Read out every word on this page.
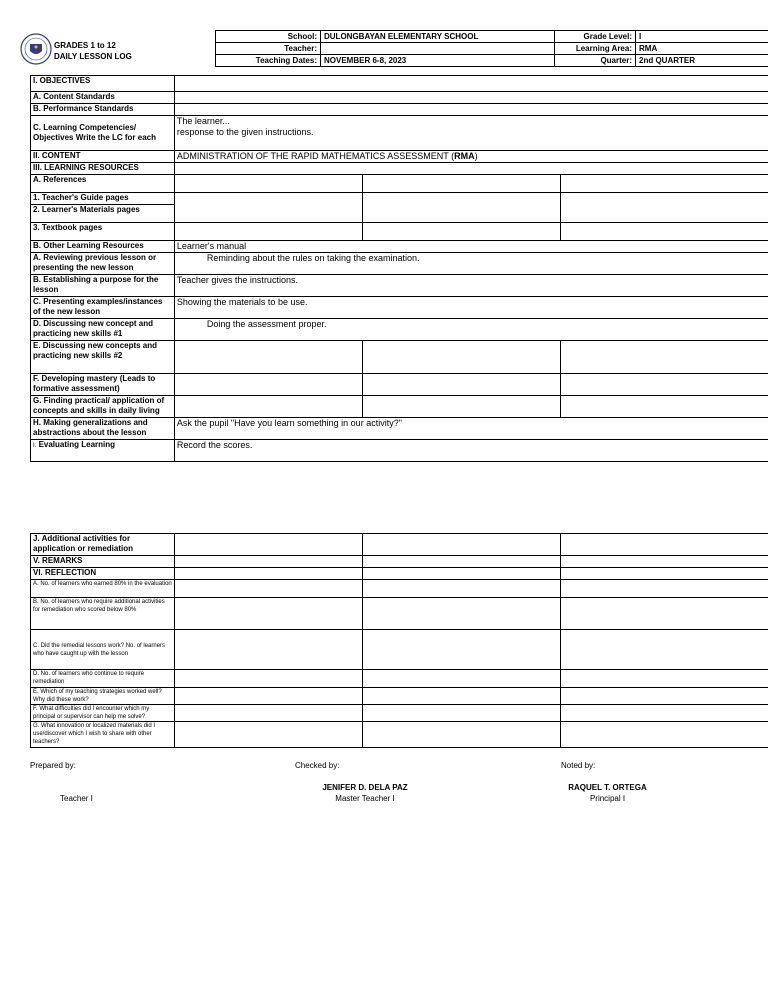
GRADES 1 to 12
DAILY LESSON LOG
School:	DULONGBAYAN ELEMENTARY SCHOOL	Grade Level:	I
Teacher:		Learning Area:	RMA
Teaching Dates:	NOVEMBER 6-8, 2023	Quarter:	2nd QUARTER
I. OBJECTIVES			
A. Content Standards			
B. Performance Standards			
C. Learning Competencies/ Objectives Write the LC for each	The learner...
response to the given instructions.		

II. CONTENT	ADMINISTRATION OF THE RAPID MATHEMATICS ASSESSMENT (RMA)		
III. LEARNING RESOURCES			
A. References			
1. Teacher's Guide pages			
2. Learner's Materials pages			
3. Textbook pages			
B. Other Learning Resources	Learner's manual		
A. Reviewing previous lesson or presenting the new lesson	Reminding about the rules on taking the examination.		
B. Establishing a purpose for the lesson	Teacher gives the instructions.		
C. Presenting examples/instances of the new lesson	Showing the materials to be use.		
D. Discussing new concept and practicing new skills #1	Doing the assessment proper.		
E. Discussing new concepts and practicing new skills #2			
F. Developing mastery (Leads to formative assessment)			
G. Finding practical/ application of concepts and skills in daily living			
H. Making generalizations and abstractions about the lesson	Ask the pupil "Have you learn something in our activity?"		
I. Evaluating Learning	Record the scores.		
J. Additional activities for application or remediation			
V. REMARKS			
VI. REFLECTION			
A. No. of learners who earned 80% in the evaluation			
B. No. of learners who require additional activities for remediation who scored below 80%			
C. Did the remedial lessons work? No. of learners who have caught up with the lesson			
D. No. of learners who continue to require remediation			
E. Which of my teaching strategies worked well? Why did these work?			
F. What difficulties did I encounter which my principal or supervisor can help me solve?			
G. What innovation or localized materials did I use/discover which I wish to share with other teachers?			
Prepared by:
Teacher I
Checked by:
JENIFER D. DELA PAZ
Master Teacher I
Noted by:
RAQUEL T. ORTEGA
Principal I
